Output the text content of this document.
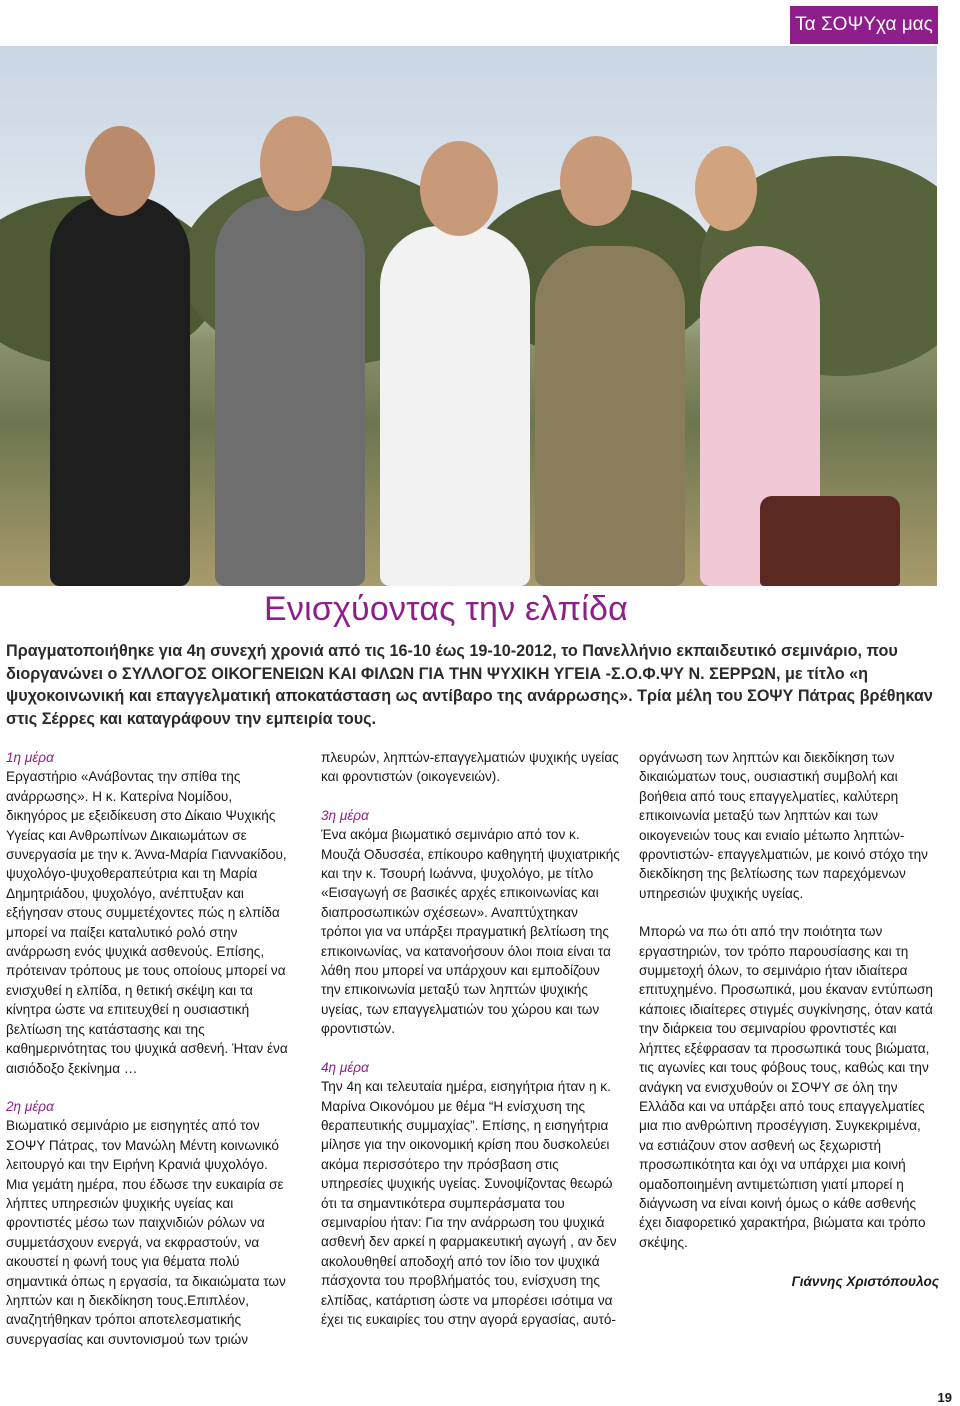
Τα ΣΟΨΥχα μας
Ενισχύοντας την ελπίδα
Πραγματοποιήθηκε για 4η συνεχή χρονιά από τις 16-10 έως 19-10-2012, το Πανελλήνιο εκπαιδευτικό σεμινάριο, που διοργανώνει ο ΣΥΛΛΟΓΟΣ ΟΙΚΟΓΕΝΕΙΩΝ ΚΑΙ ΦΙΛΩΝ ΓΙΑ ΤΗΝ ΨΥΧΙΚΗ ΥΓΕΙΑ -Σ.Ο.Φ.ΨΥ Ν. ΣΕΡΡΩΝ, με τίτλο «η ψυχοκοινωνική και επαγγελματική αποκατάσταση ως αντίβαρο της ανάρρωσης». Τρία μέλη του ΣΟΨΥ Πάτρας βρέθηκαν στις Σέρρες και καταγράφουν την εμπειρία τους.

1η μέρα

Εργαστήριο «Ανάβοντας την σπίθα της ανάρρωσης». Η κ. Κατερίνα Νομίδου, δικηγόρος με εξειδίκευση στο Δίκαιο Ψυχικής Υγείας και Ανθρωπίνων Δικαιωμάτων σε συνεργασία με την κ. Άννα-Μαρία Γιαννακίδου, ψυχολόγο-ψυχοθεραπεύτρια και τη Μαρία Δημητριάδου, ψυχολόγο, ανέπτυξαν και εξήγησαν στους συμμετέχοντες πώς η ελπίδα μπορεί να παίξει καταλυτικό ρολό στην ανάρρωση ενός ψυχικά ασθενούς. Επίσης, πρότειναν τρόπους με τους οποίους μπορεί να ενισχυθεί η ελπίδα, η θετική σκέψη και τα κίνητρα ώστε να επιτευχθεί η ουσιαστική βελτίωση της κατάστασης και της καθημερινότητας του ψυχικά ασθενή. Ήταν ένα αισιόδοξο ξεκίνημα …

2η μέρα

Βιωματικό σεμινάριο με εισηγητές από τον ΣΟΨΥ Πάτρας, τον Μανώλη Μέντη κοινωνικό λειτουργό και την Ειρήνη Κρανιά ψυχολόγο. Μια γεμάτη ημέρα, που έδωσε την ευκαιρία σε λήπτες υπηρεσιών ψυχικής υγείας και φροντιστές μέσω των παιχνιδιών ρόλων να συμμετάσχουν ενεργά, να εκφραστούν, να ακουστεί η φωνή τους για θέματα πολύ σημαντικά όπως η εργασία, τα δικαιώματα των ληπτών και η διεκδίκηση τους.Επιπλέον, αναζητήθηκαν τρόποι αποτελεσματικής συνεργασίας και συντονισμού των τριών

πλευρών, ληπτών-επαγγελματιών ψυχικής υγείας και φροντιστών (οικογενειών).

3η μέρα

Ένα ακόμα βιωματικό σεμινάριο από τον κ. Μουζά Οδυσσέα, επίκουρο καθηγητή ψυχιατρικής και την κ. Τσουρή Ιωάννα, ψυχολόγο, με τίτλο «Εισαγωγή σε βασικές αρχές επικοινωνίας και διαπροσωπικών σχέσεων». Αναπτύχτηκαν τρόποι για να υπάρξει πραγματική βελτίωση της επικοινωνίας, να κατανοήσουν όλοι ποια είναι τα λάθη που μπορεί να υπάρχουν και εμποδίζουν την επικοινωνία μεταξύ των ληπτών ψυχικής υγείας, των επαγγελματιών του χώρου και των φροντιστών.

4η μέρα

Την 4η και τελευταία ημέρα, εισηγήτρια ήταν η κ. Μαρίνα Οικονόμου με θέμα “Η ενίσχυση της θεραπευτικής συμμαχίας”. Επίσης, η εισηγήτρια μίλησε για την οικονομική κρίση που δυσκολεύει ακόμα περισσότερο την πρόσβαση στις υπηρεσίες ψυχικής υγείας. Συνοψίζοντας θεωρώ ότι τα σημαντικότερα συμπεράσματα του σεμιναρίου ήταν: Για την ανάρρωση του ψυχικά ασθενή δεν αρκεί η φαρμακευτική αγωγή , αν δεν ακολουθηθεί αποδοχή από τον ίδιο τον ψυχικά πάσχοντα του προβλήματός του, ενίσχυση της ελπίδας, κατάρτιση ώστε να μπορέσει ισότιμα να έχει τις ευκαιρίες του στην αγορά εργασίας, αυτό-

οργάνωση των ληπτών και διεκδίκηση των δικαιώματων τους, ουσιαστική συμβολή και βοήθεια από τους επαγγελματίες, καλύτερη επικοινωνία μεταξύ των ληπτών και των οικογενειών τους και ενιαίο μέτωπο ληπτών-φροντιστών- επαγγελματιών, με κοινό στόχο την διεκδίκηση της βελτίωσης των παρεχόμενων υπηρεσιών ψυχικής υγείας.

Μπορώ να πω ότι από την ποιότητα των εργαστηριών, τον τρόπο παρουσίασης και τη συμμετοχή όλων, το σεμινάριο ήταν ιδιαίτερα επιτυχημένο. Προσωπικά, μου έκαναν εντύπωση κάποιες ιδιαίτερες στιγμές συγκίνησης, όταν κατά την διάρκεια του σεμιναρίου φροντιστές και λήπτες εξέφρασαν τα προσωπικά τους βιώματα, τις αγωνίες και τους φόβους τους, καθώς και την ανάγκη να ενισχυθούν οι ΣΟΨΥ σε όλη την Ελλάδα και να υπάρξει από τους επαγγελματίες μια πιο ανθρώπινη προσέγγιση. Συγκεκριμένα, να εστιάζουν στον ασθενή ως ξεχωριστή προσωπικότητα και όχι να υπάρχει μια κοινή ομαδοποιημένη αντιμετώπιση γιατί μπορεί η διάγνωση να είναι κοινή όμως ο κάθε ασθενής έχει διαφορετικό χαρακτήρα, βιώματα και τρόπο σκέψης.

Γιάννης Χριστόπουλος

19
